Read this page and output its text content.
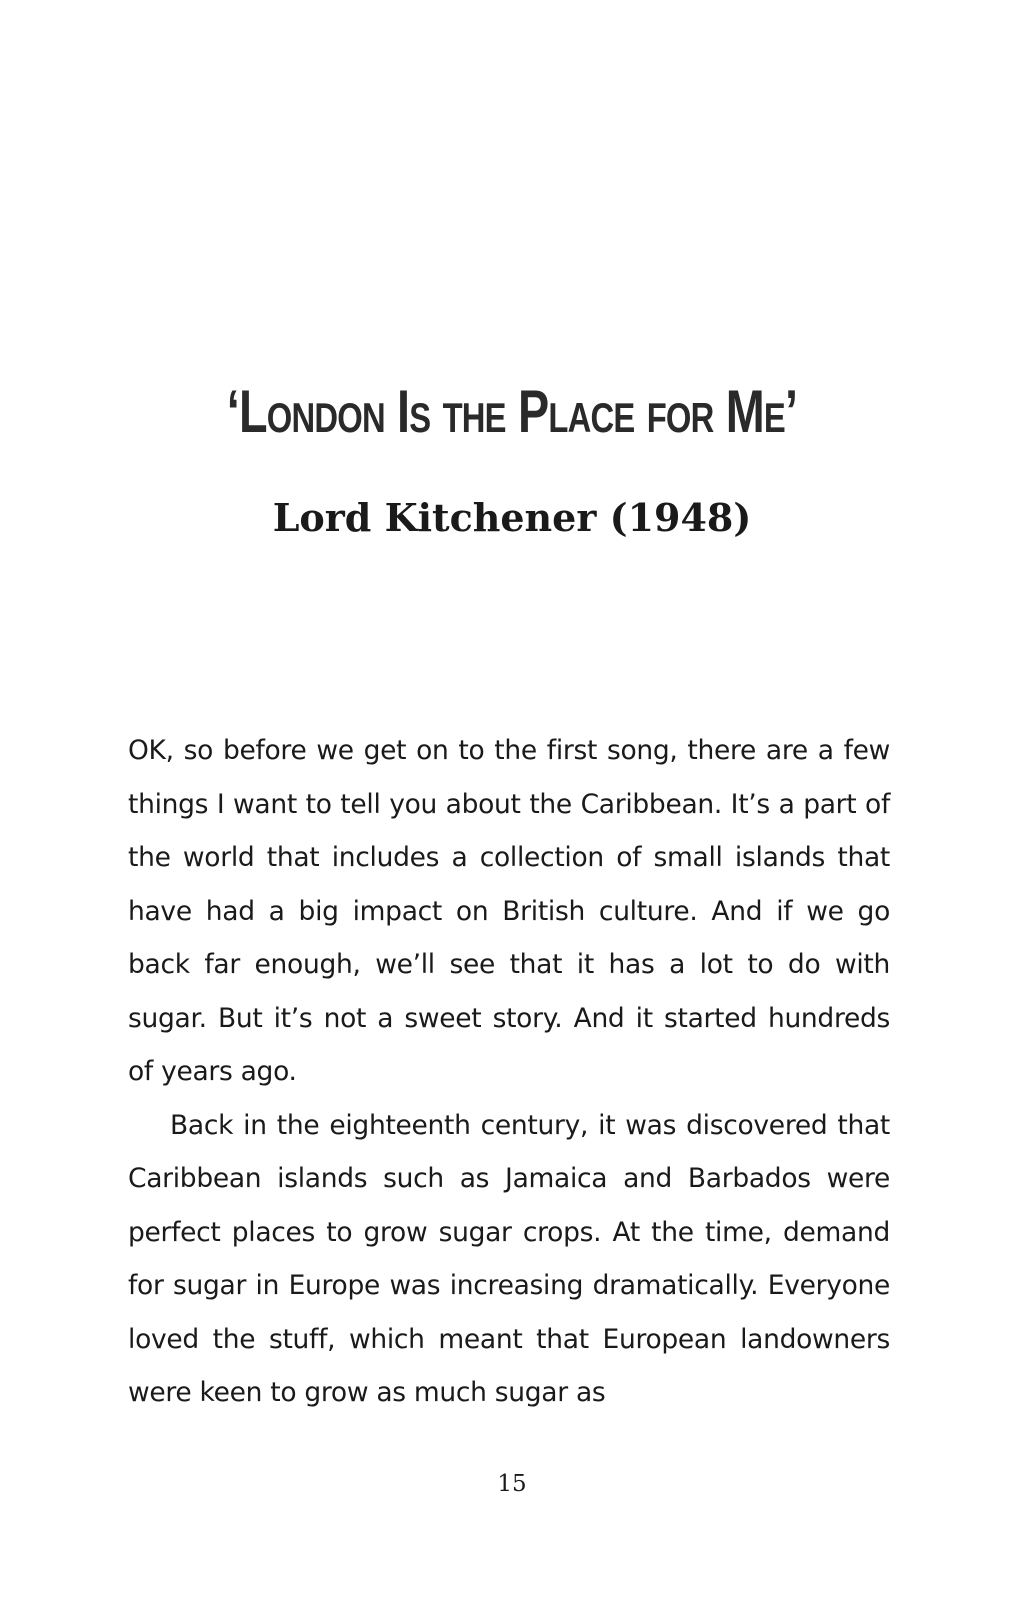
‘London Is the Place for Me’
Lord Kitchener (1948)

OK, so before we get on to the first song, there are a few things I want to tell you about the Caribbean. It’s a part of the world that includes a collection of small islands that have had a big impact on British culture. And if we go back far enough, we’ll see that it has a lot to do with sugar. But it’s not a sweet story. And it started hundreds of years ago.

Back in the eighteenth century, it was discovered that Caribbean islands such as Jamaica and Barbados were perfect places to grow sugar crops. At the time, demand for sugar in Europe was increasing dramatically. Everyone loved the stuff, which meant that European landowners were keen to grow as much sugar as

15
